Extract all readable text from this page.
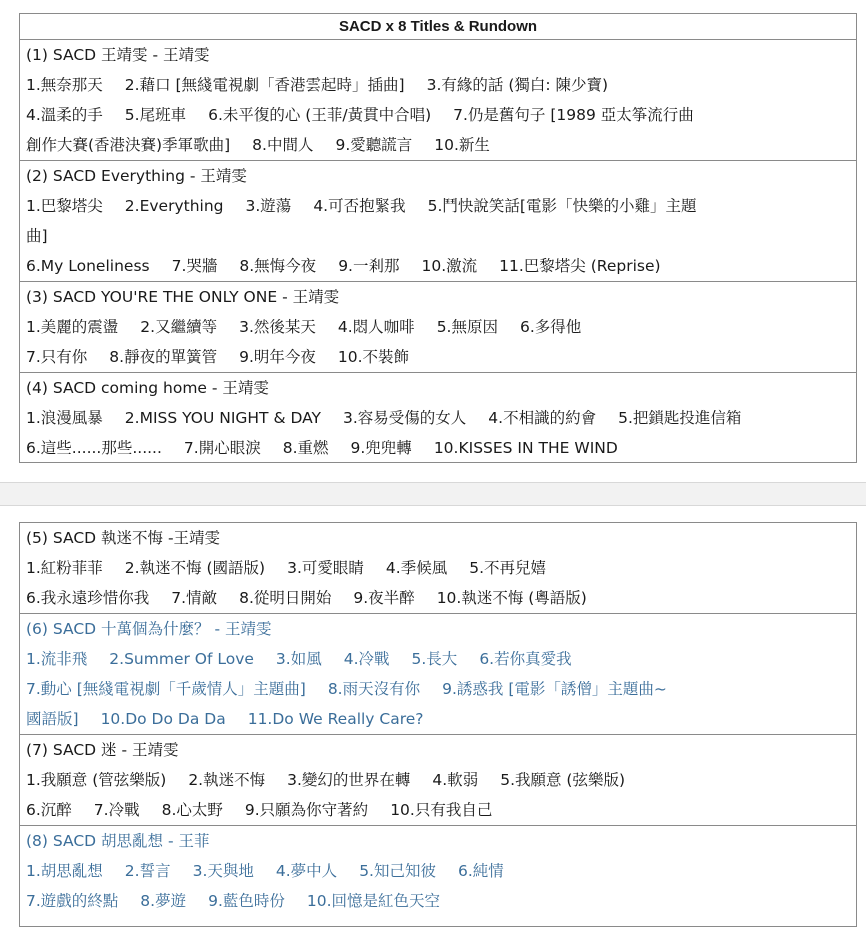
SACD x 8 Titles & Rundown
(1) SACD 王靖雯 - 王靖雯
1.無奈那天 2.藉口 [無綫電視劇「香港雲起時」插曲] 3.有緣的話 (獨白: 陳少寶)
4.溫柔的手 5.尾班車 6.未平復的心 (王菲/黃貫中合唱) 7.仍是舊句子 [1989 亞太筝流行曲
創作大賽(香港決賽)季軍歌曲] 8.中間人 9.愛聽謊言 10.新生
(2) SACD Everything - 王靖雯
1.巴黎塔尖 2.Everything 3.遊蕩 4.可否抱緊我 5.鬥快說笑話[電影「快樂的小雞」主題
曲]
6.My Loneliness 7.哭牆 8.無悔今夜 9.一剎那 10.激流 11.巴黎塔尖 (Reprise)
(3) SACD YOU'RE THE ONLY ONE - 王靖雯
1.美麗的震盪 2.又繼續等 3.然後某天 4.悶人咖啡 5.無原因 6.多得他
7.只有你 8.靜夜的單簧管 9.明年今夜 10.不裝飾
(4) SACD coming home - 王靖雯
1.浪漫風暴 2.MISS YOU NIGHT & DAY 3.容易受傷的女人 4.不相識的約會 5.把鎖匙投進信箱
6.這些......那些...... 7.開心眼淚 8.重燃 9.兜兜轉 10.KISSES IN THE WIND
(5) SACD 執迷不悔 -王靖雯
1.紅粉菲菲 2.執迷不悔 (國語版) 3.可愛眼睛 4.季候風 5.不再兒嬉
6.我永遠珍惜你我 7.情敵 8.從明日開始 9.夜半醉 10.執迷不悔 (粵語版)
(6) SACD 十萬個為什麼？ - 王靖雯
1.流非飛 2.Summer Of Love 3.如風 4.冷戰 5.長大 6.若你真愛我
7.動心 [無綫電視劇「千歲情人」主題曲] 8.雨天沒有你 9.誘惑我 [電影「誘僧」主題曲~
國語版] 10.Do Do Da Da 11.Do We Really Care?
(7) SACD 迷 - 王靖雯
1.我願意 (管弦樂版) 2.執迷不悔 3.變幻的世界在轉 4.軟弱 5.我願意 (弦樂版)
6.沉醉 7.冷戰 8.心太野 9.只願為你守著約 10.只有我自己
(8) SACD 胡思亂想 - 王菲
1.胡思亂想 2.誓言 3.天與地 4.夢中人 5.知己知彼 6.純情
7.遊戲的終點 8.夢遊 9.藍色時份 10.回憶是紅色天空
